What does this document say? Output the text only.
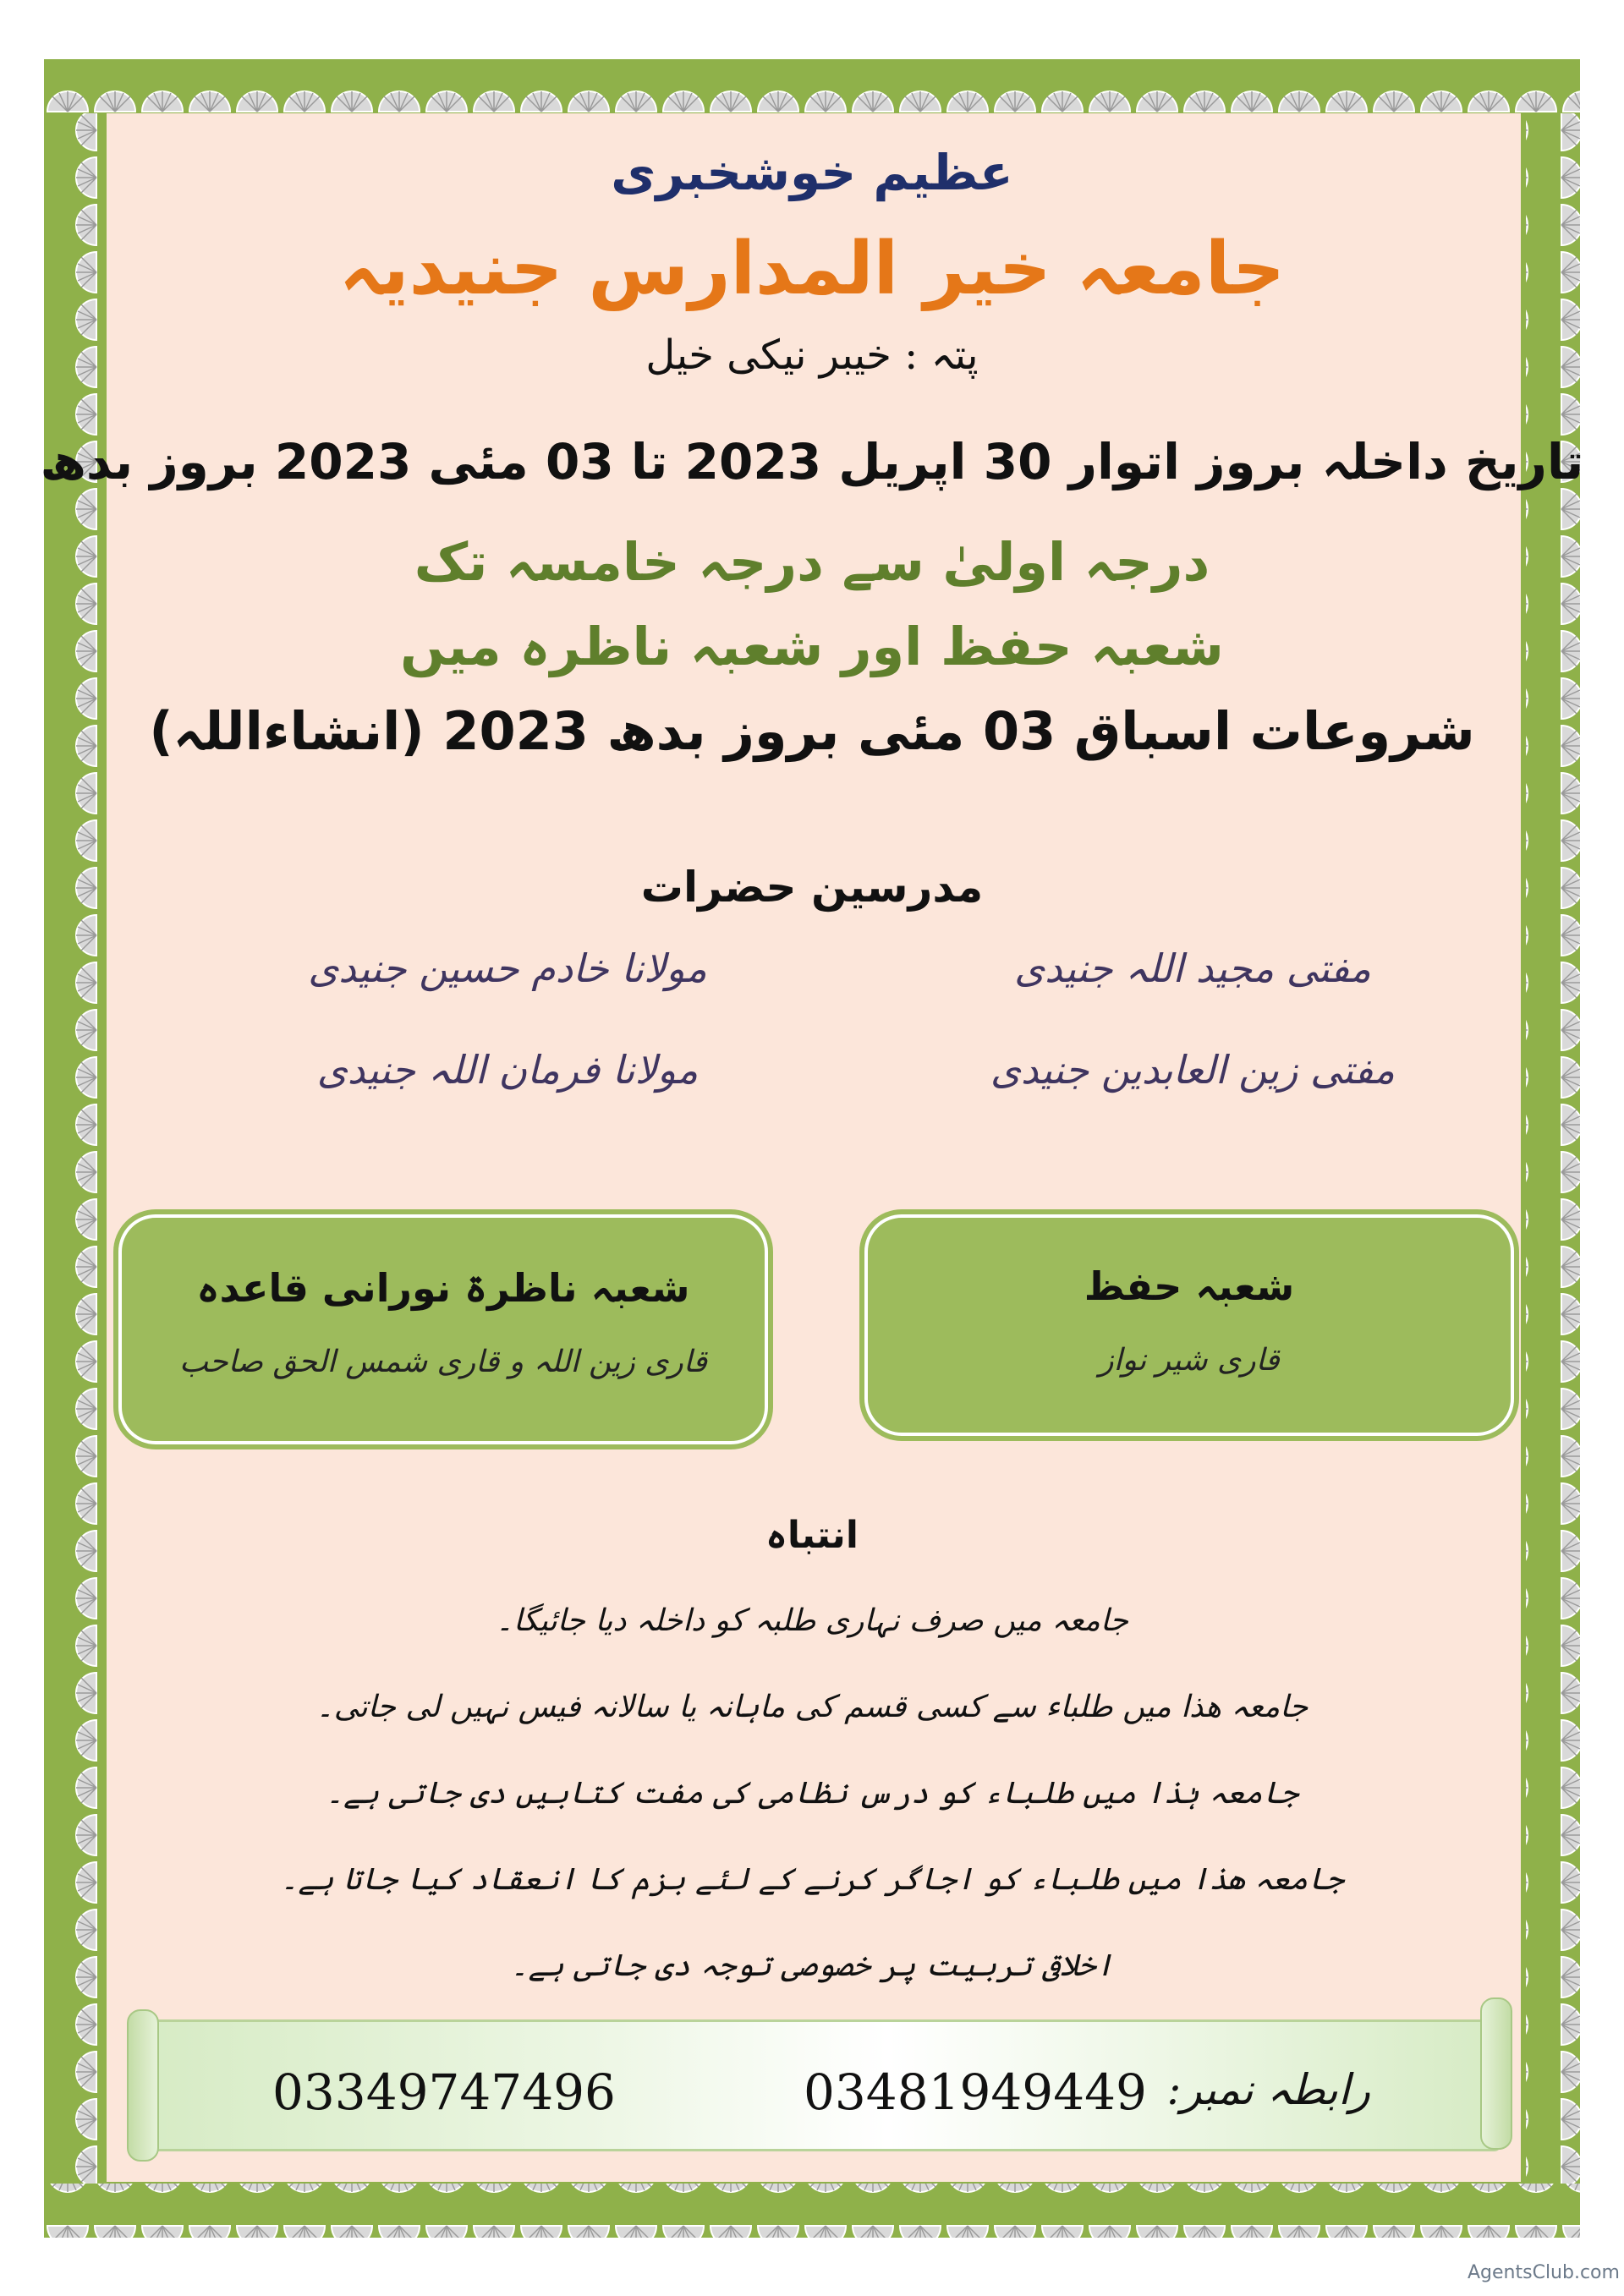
عظیم خوشخبری
جامعہ خیر المدارس جنیدیہ
پتہ : خیبر نیکی خیل
تاریخ داخلہ بروز اتوار 30 اپریل 2023 تا 03 مئی 2023 بروز بدھ
درجہ اولیٰ سے درجہ خامسہ تک
شعبہ حفظ اور شعبہ ناظرہ میں
شروعات اسباق 03 مئی بروز بدھ 2023 (انشاءاللہ)
مدرسین حضرات
مفتی مجید اللہ جنیدی
مولانا خادم حسین جنیدی
مفتی زین العابدین جنیدی
مولانا فرمان اللہ جنیدی
شعبہ حفظ
قاری شیر نواز
شعبہ ناظرۃ نورانی قاعدہ
قاری زین اللہ و قاری شمس الحق صاحب
انتباہ
جامعہ میں صرف نہاری طلبہ کو داخلہ دیا جائیگا۔
جامعہ ھذا میں طلباء سے کسی قسم کی ماہانہ یا سالانہ فیس نہیں لی جاتی۔
جامعہ ہٰذا میں طلباء کو درس نظامی کی مفت کتابیں دی جاتی ہے۔
جامعہ ھذا میں طلباء کو اجاگر کرنے کے لئے بزم کا انعقاد کیا جاتا ہے۔
اخلاقی تربیت پر خصوصی توجہ دی جاتی ہے۔
رابطہ نمبر:
03481949449
03349747496
AgentsClub.com
